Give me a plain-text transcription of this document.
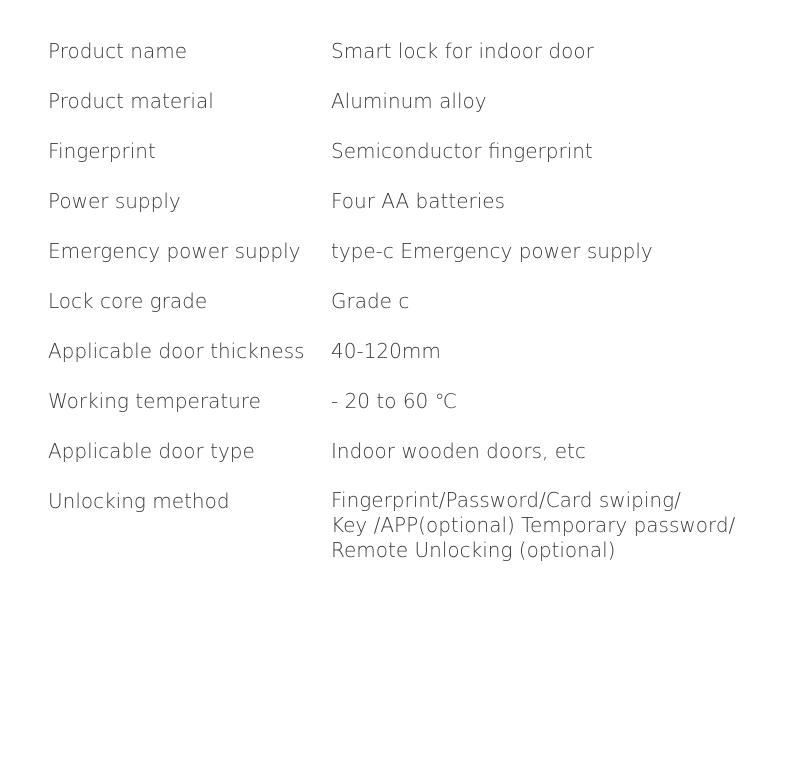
Product name	Smart lock for indoor door
Product material	Aluminum alloy
Fingerprint	Semiconductor fingerprint
Power supply	Four AA batteries
Emergency power supply	type-c Emergency power supply
Lock core grade	Grade c
Applicable door thickness	40-120mm
Working temperature	- 20 to 60 ℃
Applicable door type	Indoor wooden doors, etc
Unlocking method	Fingerprint/Password/Card swiping/
Key /APP(optional) Temporary password/
Remote Unlocking (optional)
